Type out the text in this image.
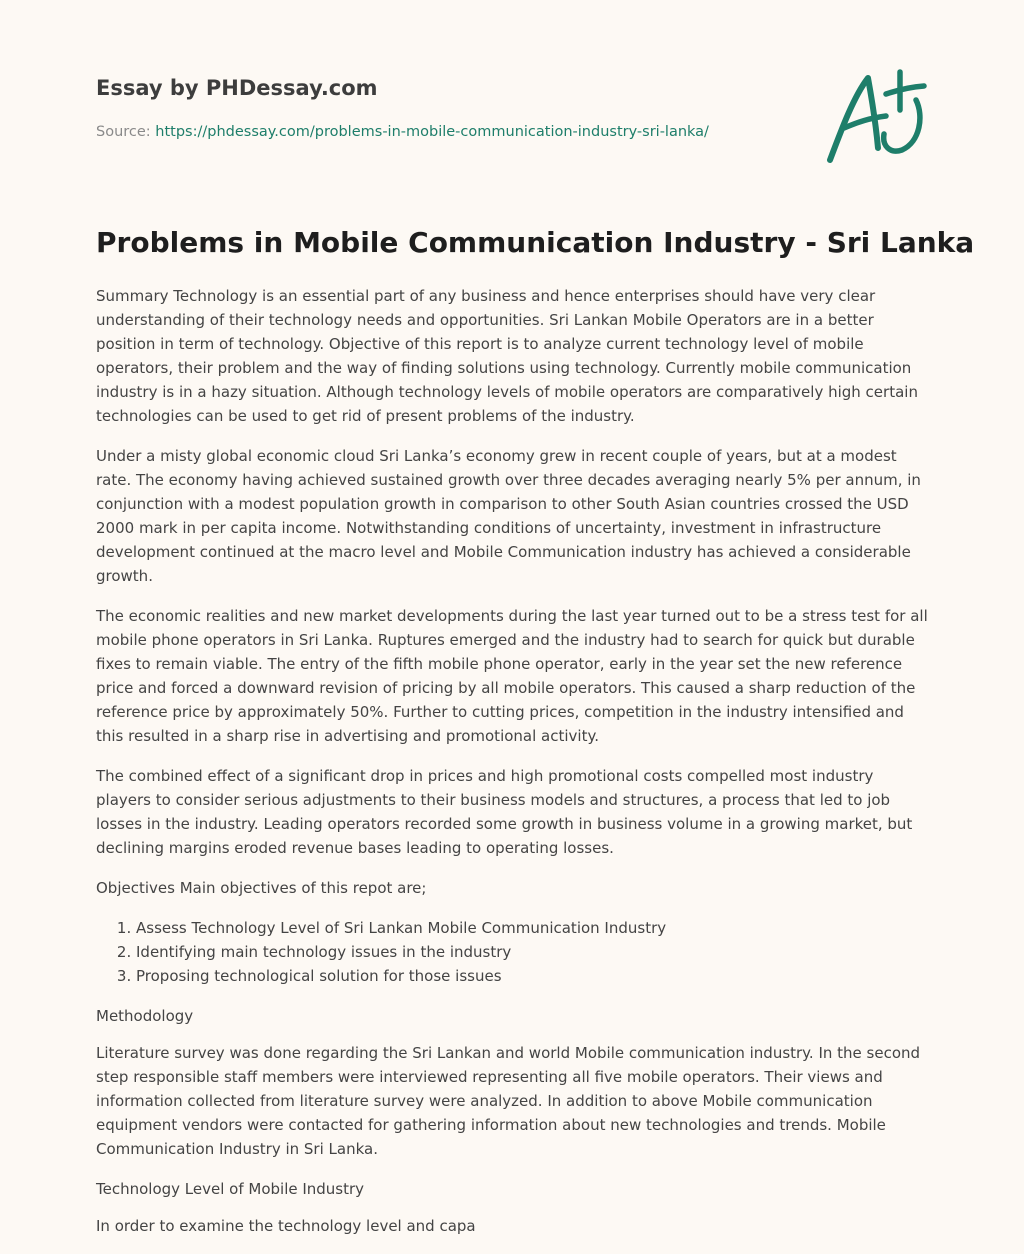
Essay by PHDessay.com
Source: https://phdessay.com/problems-in-mobile-communication-industry-sri-lanka/
Problems in Mobile Communication Industry - Sri Lanka

Summary Technology is an essential part of any business and hence enterprises should have very clear understanding of their technology needs and opportunities. Sri Lankan Mobile Operators are in a better position in term of technology. Objective of this report is to analyze current technology level of mobile operators, their problem and the way of finding solutions using technology. Currently mobile communication industry is in a hazy situation. Although technology levels of mobile operators are comparatively high certain technologies can be used to get rid of present problems of the industry.

Under a misty global economic cloud Sri Lanka’s economy grew in recent couple of years, but at a modest rate. The economy having achieved sustained growth over three decades averaging nearly 5% per annum, in conjunction with a modest population growth in comparison to other South Asian countries crossed the USD 2000 mark in per capita income. Notwithstanding conditions of uncertainty, investment in infrastructure development continued at the macro level and Mobile Communication industry has achieved a considerable growth.

The economic realities and new market developments during the last year turned out to be a stress test for all mobile phone operators in Sri Lanka. Ruptures emerged and the industry had to search for quick but durable fixes to remain viable. The entry of the fifth mobile phone operator, early in the year set the new reference price and forced a downward revision of pricing by all mobile operators. This caused a sharp reduction of the reference price by approximately 50%. Further to cutting prices, competition in the industry intensified and this resulted in a sharp rise in advertising and promotional activity.

The combined effect of a significant drop in prices and high promotional costs compelled most industry players to consider serious adjustments to their business models and structures, a process that led to job losses in the industry. Leading operators recorded some growth in business volume in a growing market, but declining margins eroded revenue bases leading to operating losses.

Objectives Main objectives of this repot are;

1. Assess Technology Level of Sri Lankan Mobile Communication Industry
2. Identifying main technology issues in the industry
3. Proposing technological solution for those issues

Methodology

Literature survey was done regarding the Sri Lankan and world Mobile communication industry. In the second step responsible staff members were interviewed representing all five mobile operators. Their views and information collected from literature survey were analyzed. In addition to above Mobile communication equipment vendors were contacted for gathering information about new technologies and trends. Mobile Communication Industry in Sri Lanka.

Technology Level of Mobile Industry

In order to examine the technology level and capa
